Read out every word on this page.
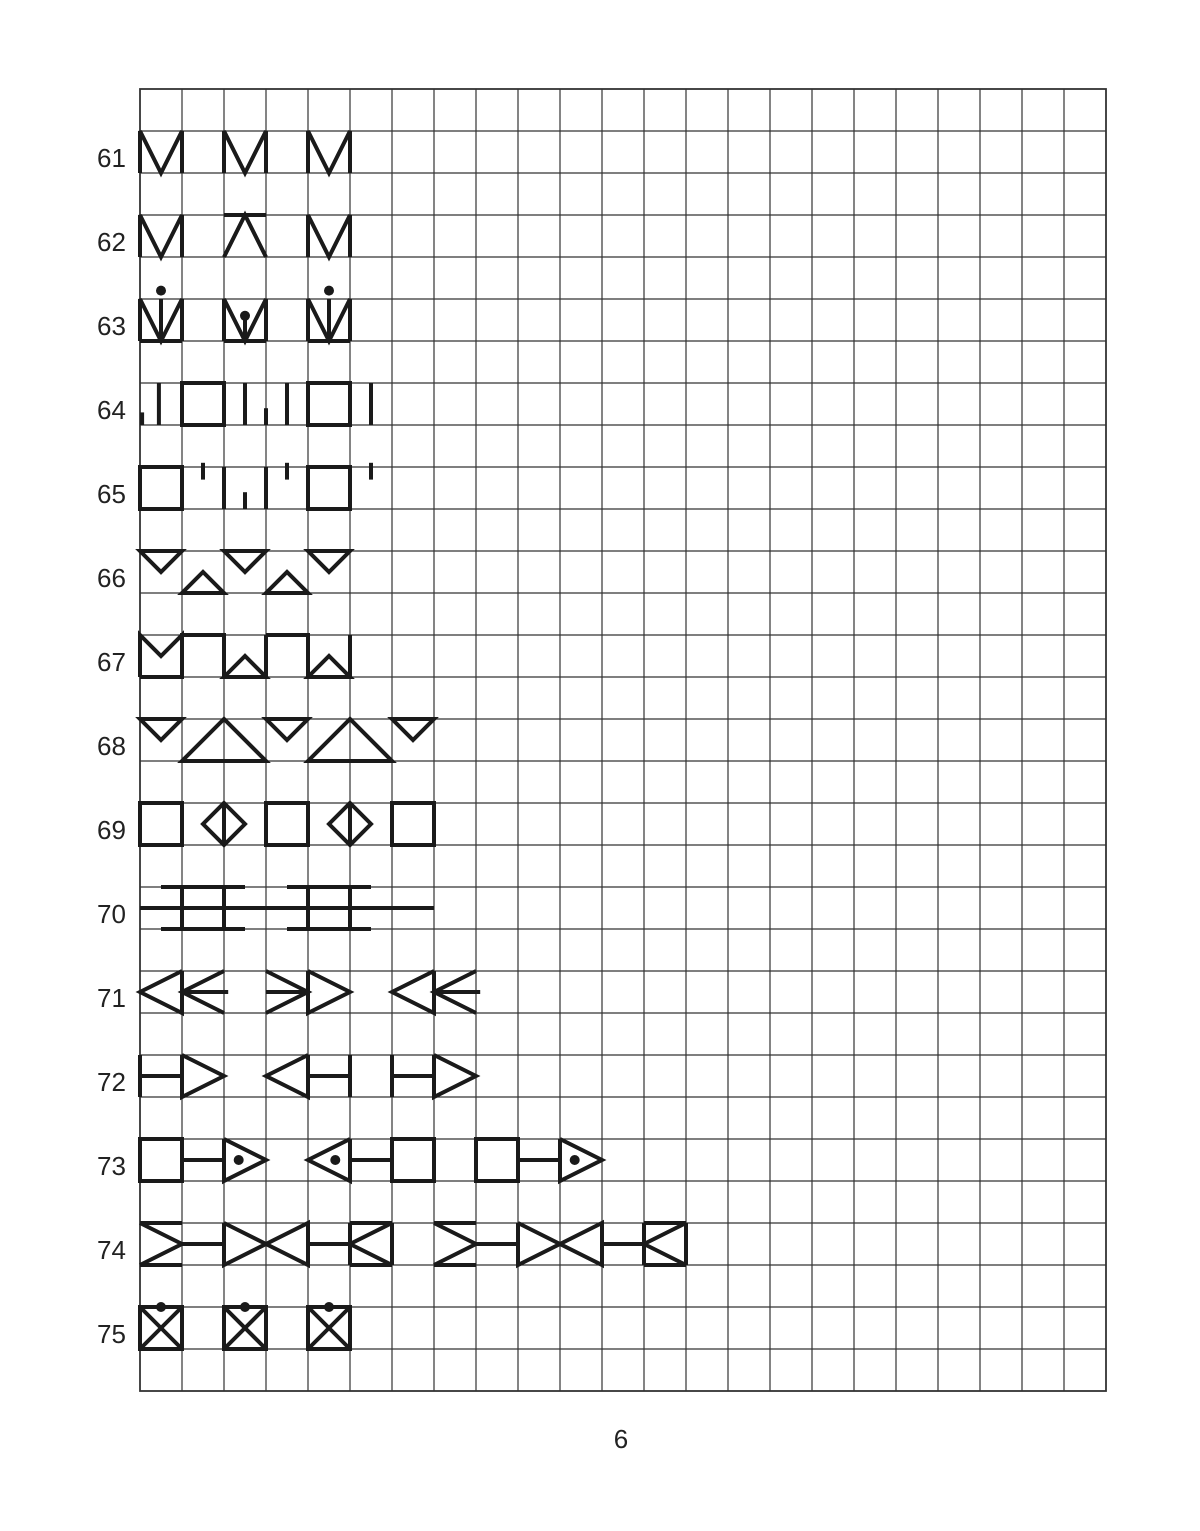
61
62
63
64
65
66
67
68
69
70
71
72
73
74
75
6
